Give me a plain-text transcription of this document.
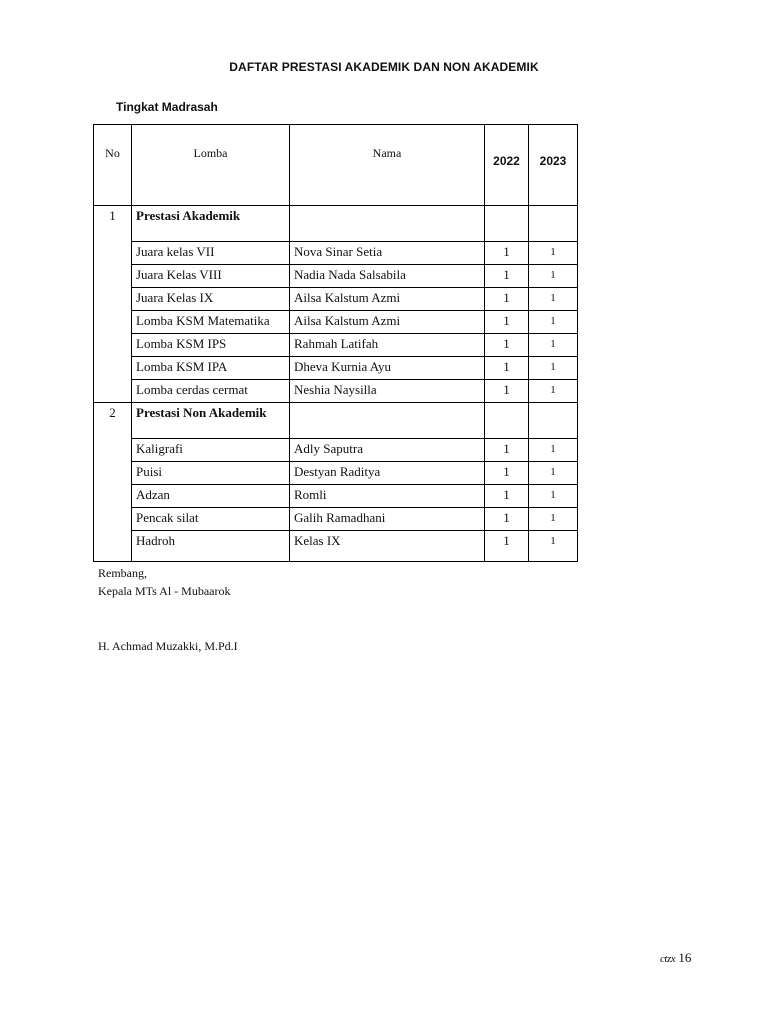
DAFTAR PRESTASI AKADEMIK DAN NON AKADEMIK
Tingkat Madrasah
No	Lomba	Nama	2022	2023
1	Prestasi Akademik			
	Juara kelas VII	Nova Sinar Setia	1	1
	Juara Kelas VIII	Nadia Nada Salsabila	1	1
	Juara Kelas IX	Ailsa Kalstum Azmi	1	1
	Lomba KSM Matematika	Ailsa Kalstum Azmi	1	1
	Lomba KSM IPS	Rahmah Latifah	1	1
	Lomba KSM IPA	Dheva Kurnia Ayu	1	1
	Lomba cerdas cermat	Neshia Naysilla	1	1
2	Prestasi Non Akademik			
	Kaligrafi	Adly Saputra	1	1
	Puisi	Destyan Raditya	1	1
	Adzan	Romli	1	1
	Pencak silat	Galih Ramadhani	1	1
	Hadroh	Kelas IX	1	1
Rembang,
Kepala MTs Al - Mubaarok
H. Achmad Muzakki, M.Pd.I
ctzx 16
